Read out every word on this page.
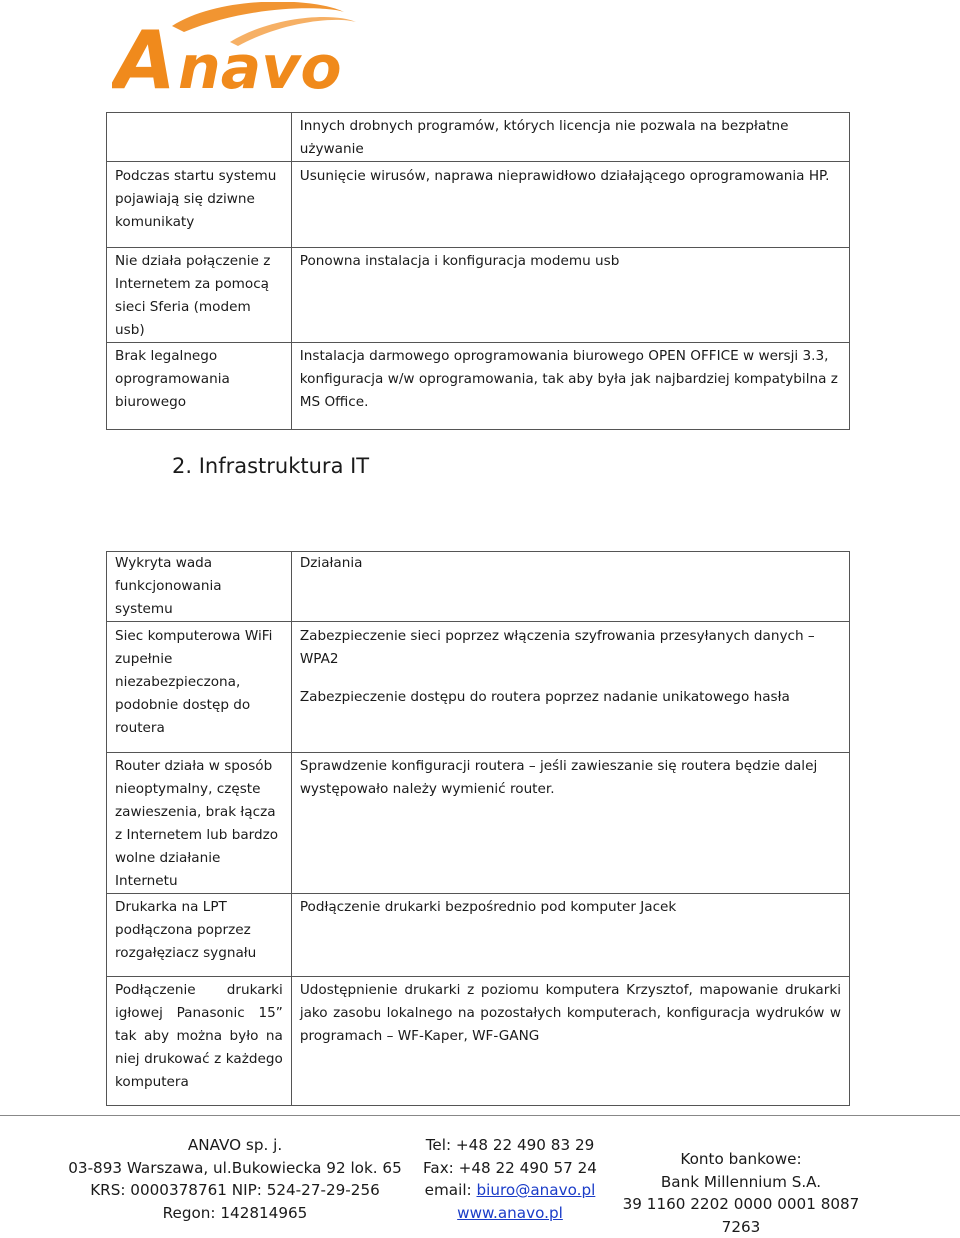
A navo
	Innych drobnych programów, których licencja nie pozwala na bezpłatne używanie
Podczas startu systemu pojawiają się dziwne komunikaty	Usunięcie wirusów, naprawa nieprawidłowo działającego oprogramowania HP.
Nie działa połączenie z Internetem za pomocą sieci Sferia (modem usb)	Ponowna instalacja i konfiguracja modemu usb
Brak legalnego oprogramowania biurowego	Instalacja darmowego oprogramowania biurowego OPEN OFFICE w wersji 3.3, konfiguracja w/w oprogramowania, tak aby była jak najbardziej kompatybilna z MS Office.
2. Infrastruktura IT
Wykryta wada funkcjonowania systemu	Działania
Siec komputerowa WiFi zupełnie niezabezpieczona, podobnie dostęp do routera	Zabezpieczenie sieci poprzez włączenia szyfrowania przesyłanych danych – WPA2

Zabezpieczenie dostępu do routera poprzez nadanie unikatowego hasła

Router działa w sposób nieoptymalny, częste zawieszenia, brak łącza z Internetem lub bardzo wolne działanie Internetu	Sprawdzenie konfiguracji routera – jeśli zawieszanie się routera będzie dalej występowało należy wymienić router.
Drukarka na LPT podłączona poprzez rozgałęziacz sygnału	Podłączenie drukarki bezpośrednio pod komputer Jacek
Podłączenie drukarki igłowej Panasonic 15” tak aby można było na niej drukować z każdego komputera	Udostępnienie drukarki z poziomu komputera Krzysztof, mapowanie drukarki jako zasobu lokalnego na pozostałych komputerach, konfiguracja wydruków w programach – WF-Kaper, WF-GANG
ANAVO sp. j.
03-893 Warszawa, ul.Bukowiecka 92 lok. 65
KRS: 0000378761 NIP: 524-27-29-256
Regon: 142814965
Tel: +48 22 490 83 29
Fax: +48 22 490 57 24
email: biuro@anavo.pl
www.anavo.pl
Konto bankowe:
Bank Millennium S.A.
39 1160 2202 0000 0001 8087 7263
